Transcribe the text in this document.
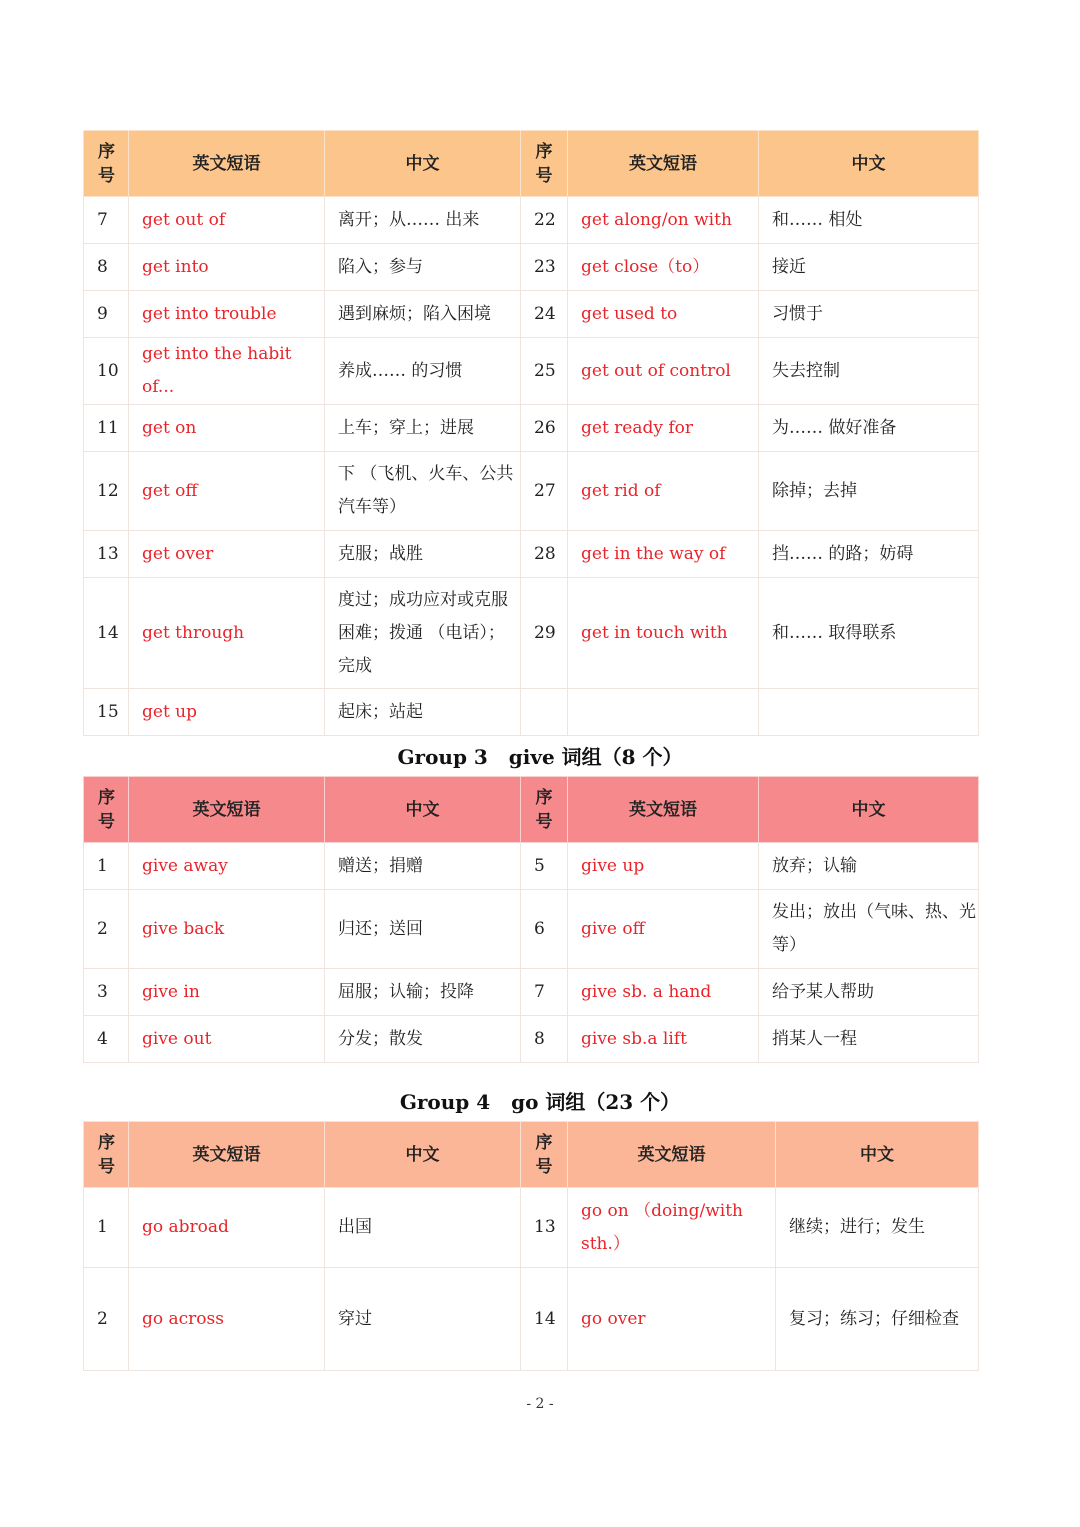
序号	英文短语	中文	序号	英文短语	中文
7	get out of	离开；从…… 出来	22	get along/on with	和…… 相处
8	get into	陷入；参与	23	get close（to）	接近
9	get into trouble	遇到麻烦；陷入困境	24	get used to	习惯于
10	get into the habit of...	养成…… 的习惯	25	get out of control	失去控制
11	get on	上车；穿上；进展	26	get ready for	为…… 做好准备
12	get off	下 （飞机、火车、公共汽车等）	27	get rid of	除掉；去掉
13	get over	克服；战胜	28	get in the way of	挡…… 的路；妨碍
14	get through	度过；成功应对或克服困难；拨通 （电话）；完成	29	get in touch with	和…… 取得联系
15	get up	起床；站起			
Group 3 give 词组（8 个）
序号	英文短语	中文	序号	英文短语	中文
1	give away	赠送；捐赠	5	give up	放弃；认输
2	give back	归还；送回	6	give off	发出；放出（气味、热、光等）
3	give in	屈服；认输；投降	7	give sb. a hand	给予某人帮助
4	give out	分发；散发	8	give sb.a lift	捎某人一程
Group 4 go 词组（23 个）
序号	英文短语	中文	序号	英文短语	中文
1	go abroad	出国	13	go on （doing/with sth.）	继续；进行；发生
2	go across	穿过	14	go over	复习；练习；仔细检查
- 2 -
